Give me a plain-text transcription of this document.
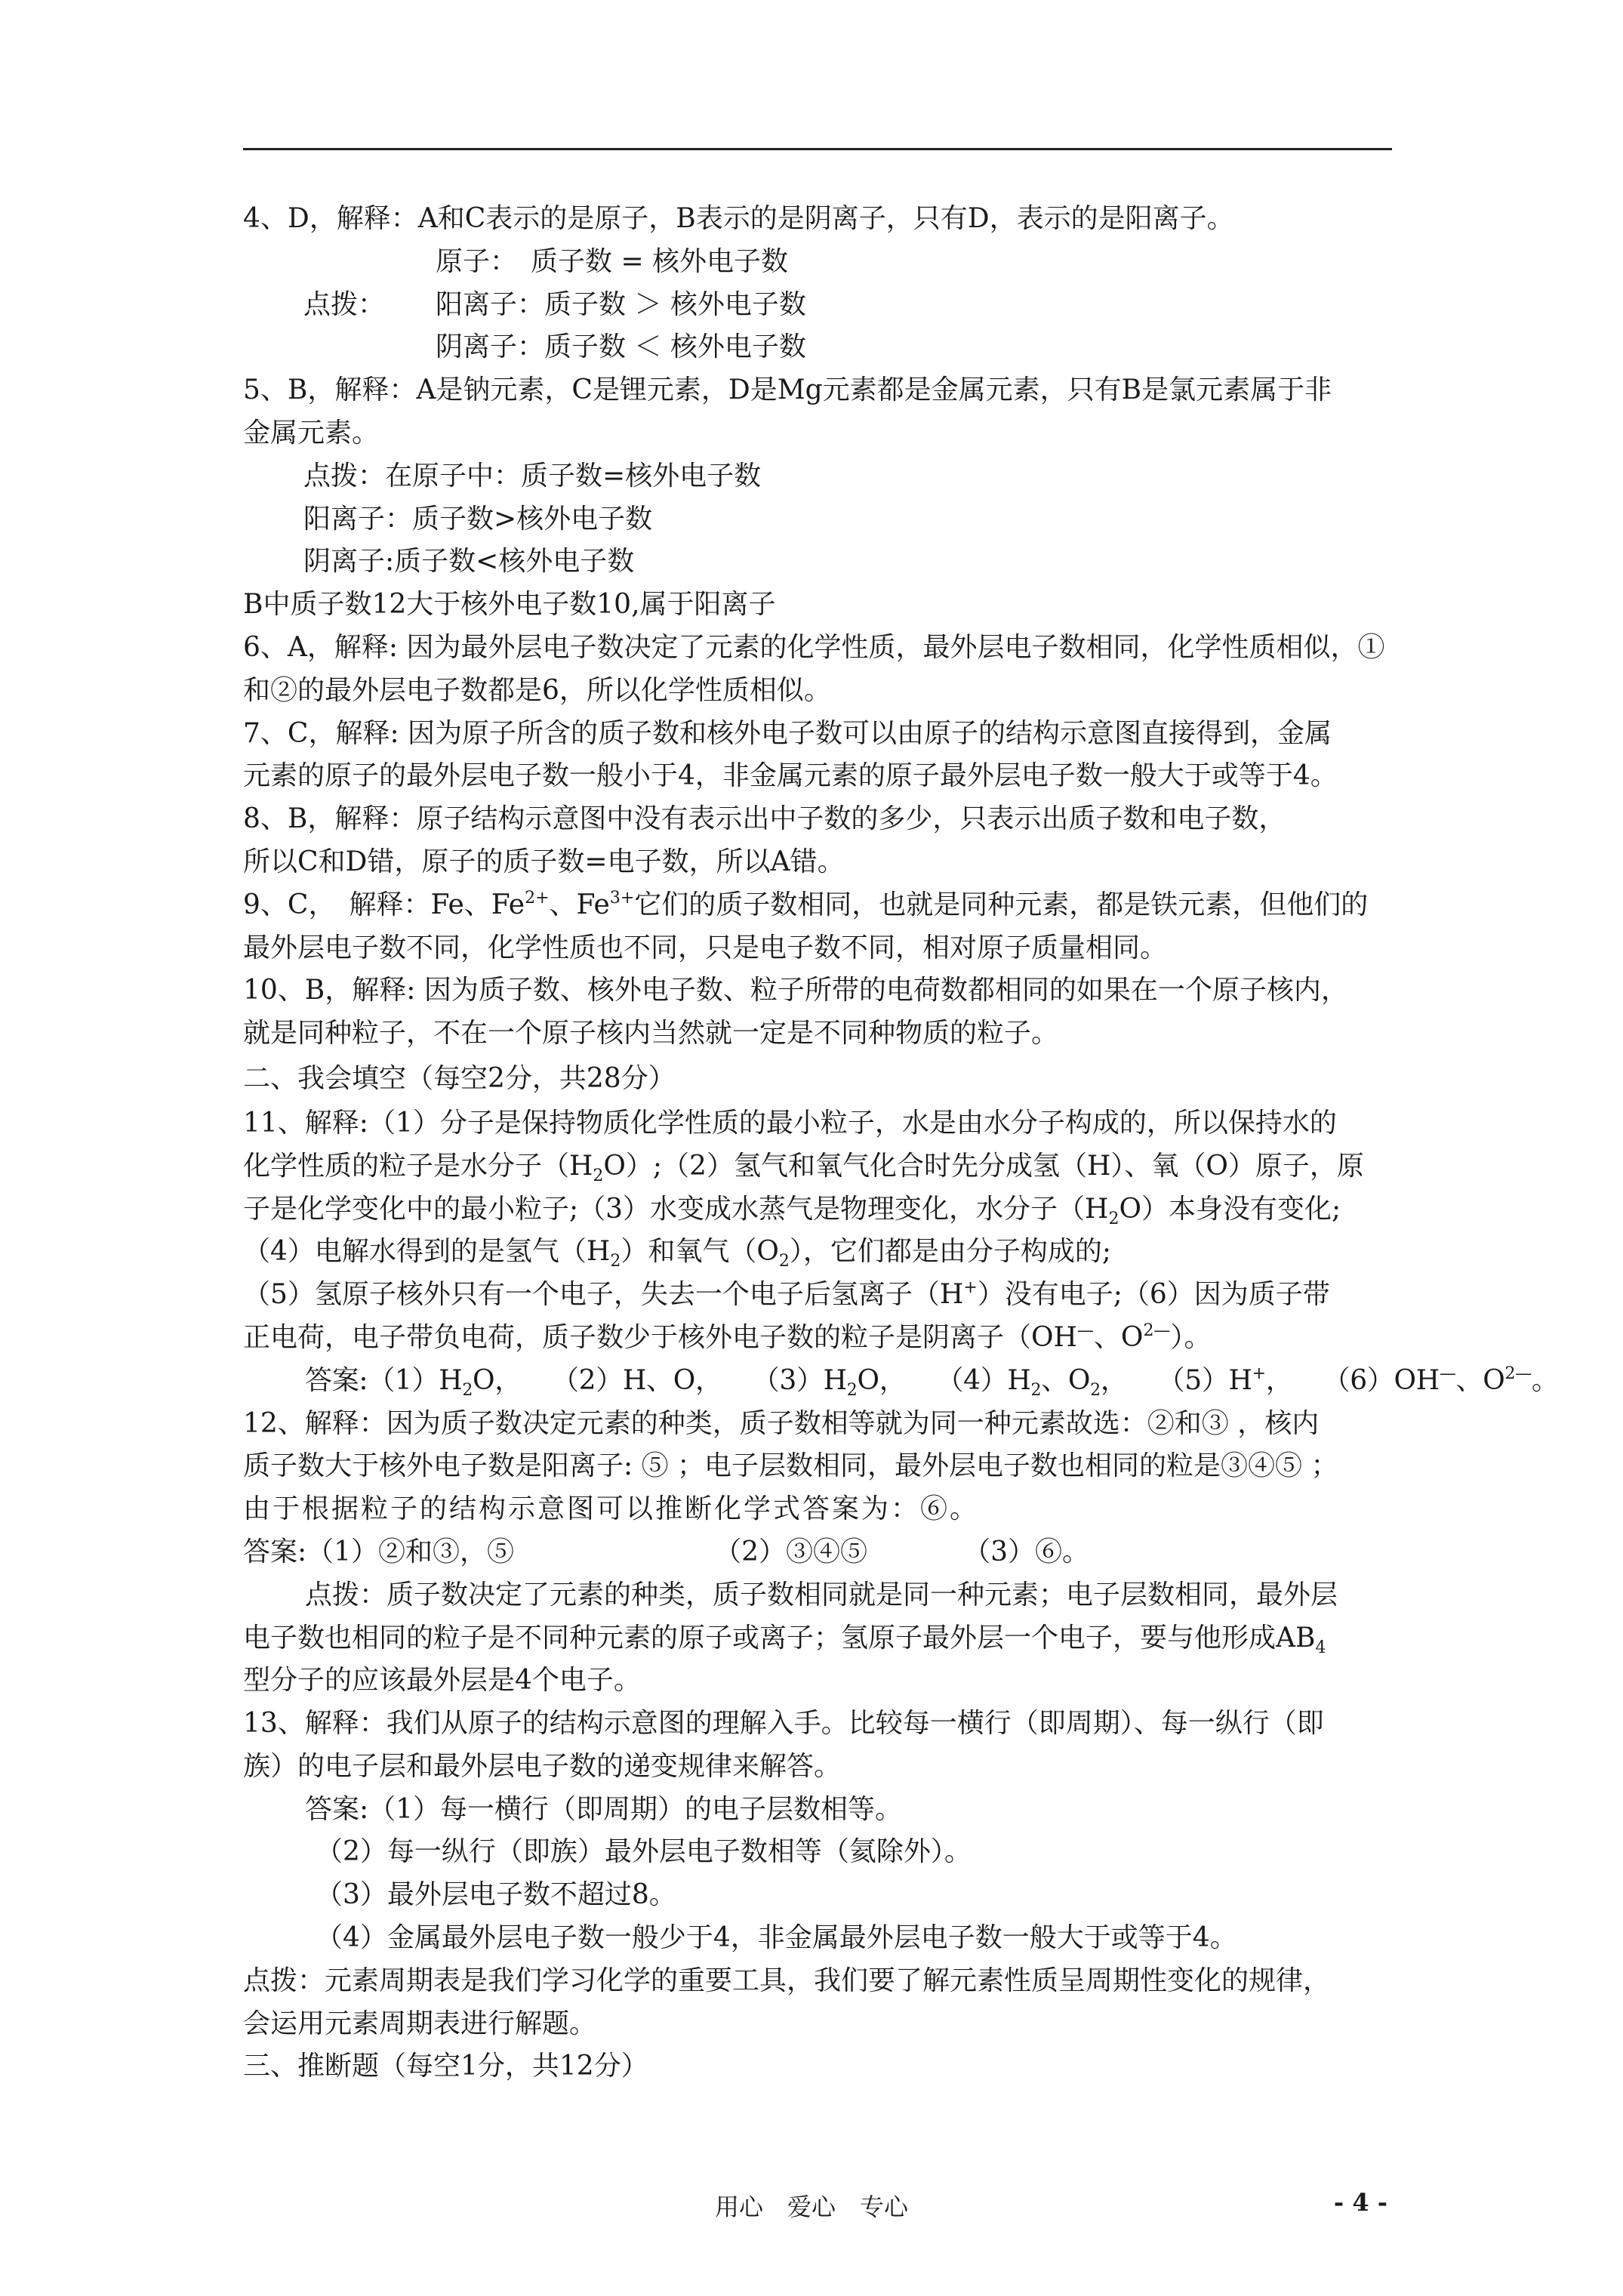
4、D，解释：A和C表示的是原子，B表示的是阴离子，只有D，表示的是阳离子。
原子：　质子数 = 核外电子数
点拨： 阳离子：质子数 ＞ 核外电子数
阴离子：质子数 ＜ 核外电子数
5、B，解释：A是钠元素，C是锂元素，D是Mg元素都是金属元素，只有B是氯元素属于非
金属元素。
点拨：在原子中：质子数=核外电子数
阳离子：质子数>核外电子数
阴离子:质子数<核外电子数
B中质子数12大于核外电子数10,属于阳离子
6、A，解释: 因为最外层电子数决定了元素的化学性质，最外层电子数相同，化学性质相似，①
和②的最外层电子数都是6，所以化学性质相似。
7、C，解释: 因为原子所含的质子数和核外电子数可以由原子的结构示意图直接得到，金属
元素的原子的最外层电子数一般小于4，非金属元素的原子最外层电子数一般大于或等于4。
8、B，解释：原子结构示意图中没有表示出中子数的多少，只表示出质子数和电子数，
所以C和D错，原子的质子数=电子数，所以A错。
9、C，　解释：Fe、$Fe^{2+}$、$Fe^{3+}$它们的质子数相同，也就是同种元素，都是铁元素，但他们的
最外层电子数不同，化学性质也不同，只是电子数不同，相对原子质量相同。
10、B，解释: 因为质子数、核外电子数、粒子所带的电荷数都相同的如果在一个原子核内，
就是同种粒子，不在一个原子核内当然就一定是不同种物质的粒子。
二、我会填空（每空2分，共28分）
11、解释:（1）分子是保持物质化学性质的最小粒子，水是由水分子构成的，所以保持水的
化学性质的粒子是水分子$(H_2O);(2)$氢气和氧气化合时先分成氢（H）、氧（O）原子，原
子是化学变化中的最小粒子;（3）水变成水蒸气是物理变化，水分子$(H_2O)$本身没有变化;
（4）电解水得到的是氢气$(H_2)$和氧气$(O_2)$，它们都是由分子构成的;
（5）氢原子核外只有一个电子，失去一个电子后氢离子（H+）没有电子;（6）因为质子带
正电荷，电子带负电荷，质子数少于核外电子数的粒子是阴离子（OH—、$O^{2—}$）。
答案$:(1)H_2O$， （2）H、O， $(3)H_2O$， $(4)H_2$、$O_2$， （5）H+， （6）OH—、$O^{2—}$。
12、解释：因为质子数决定元素的种类，质子数相等就为同一种元素故选：②和③ ，核内
质子数大于核外电子数是阳离子: ⑤ ；电子层数相同，最外层电子数也相同的粒是③④⑤ ；
由于根据粒子的结构示意图可以推断化学式答案为：⑥。
答案:（1）②和③，⑤	（2）③④⑤	（3）⑥。
点拨：质子数决定了元素的种类，质子数相同就是同一种元素；电子层数相同，最外层
电子数也相同的粒子是不同种元素的原子或离子；氢原子最外层一个电子，要与他形成$AB_4$
型分子的应该最外层是4个电子。
13、解释：我们从原子的结构示意图的理解入手。比较每一横行（即周期）、每一纵行（即
族）的电子层和最外层电子数的递变规律来解答。
答案:（1）每一横行（即周期）的电子层数相等。
（2）每一纵行（即族）最外层电子数相等（氦除外）。
（3）最外层电子数不超过8。
（4）金属最外层电子数一般少于4，非金属最外层电子数一般大于或等于4。
点拨：元素周期表是我们学习化学的重要工具，我们要了解元素性质呈周期性变化的规律，
会运用元素周期表进行解题。
三、推断题（每空1分，共12分）
用心　爱心　专心	- 4 -
